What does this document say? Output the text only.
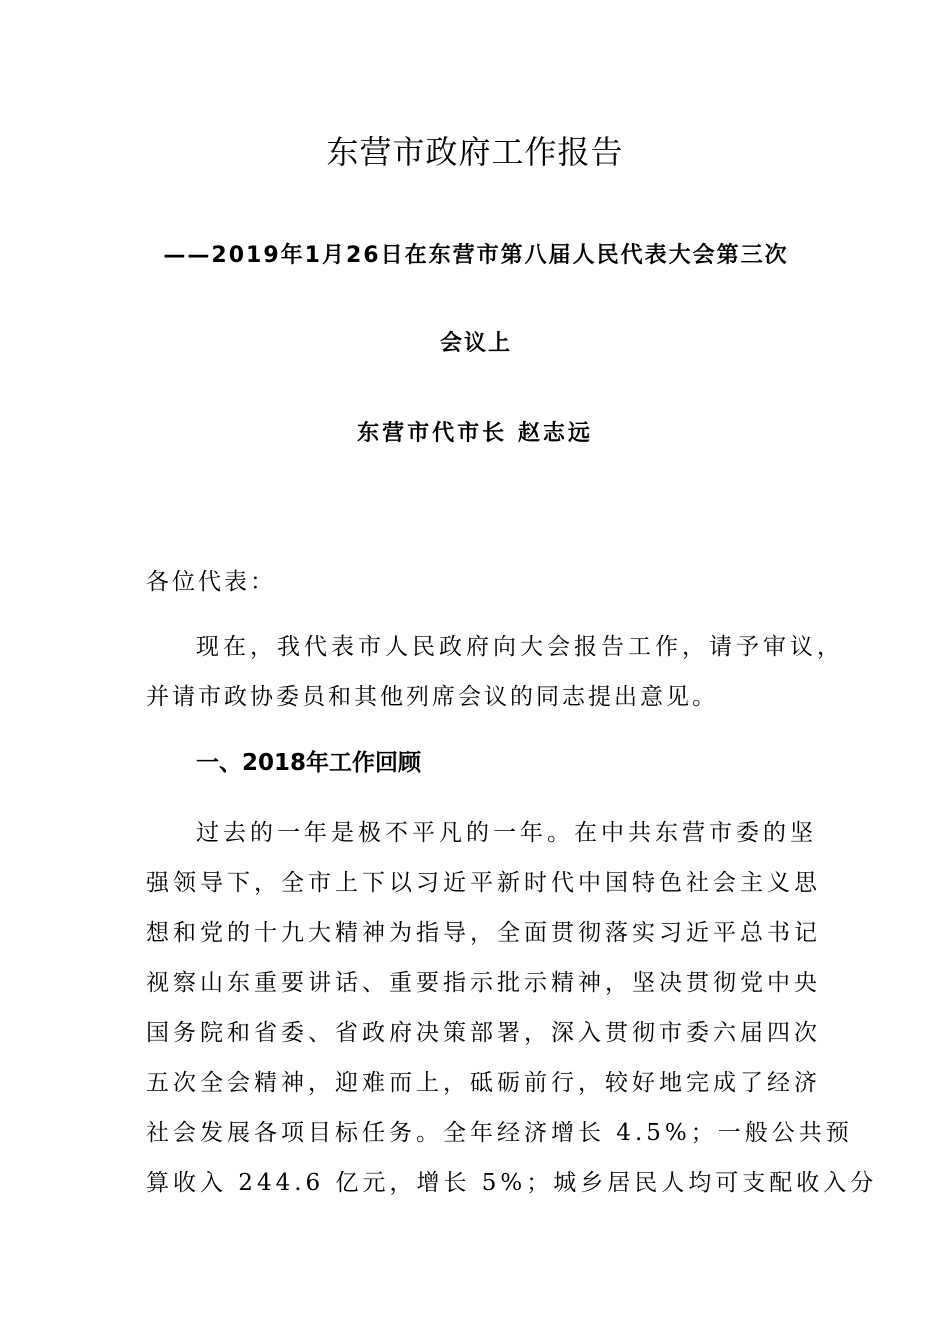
东营市政府工作报告
——2019年1月26日在东营市第八届人民代表大会第三次
会议上
东营市代市长 赵志远
各位代表：
现在，我代表市人民政府向大会报告工作，请予审议，
并请市政协委员和其他列席会议的同志提出意见。
一、2018年工作回顾
过去的一年是极不平凡的一年。在中共东营市委的坚
强领导下，全市上下以习近平新时代中国特色社会主义思
想和党的十九大精神为指导，全面贯彻落实习近平总书记
视察山东重要讲话、重要指示批示精神，坚决贯彻党中央
国务院和省委、省政府决策部署，深入贯彻市委六届四次
五次全会精神，迎难而上，砥砺前行，较好地完成了经济
社会发展各项目标任务。全年经济增长 4.5%；一般公共预
算收入 244.6 亿元，增长 5%；城乡居民人均可支配收入分
